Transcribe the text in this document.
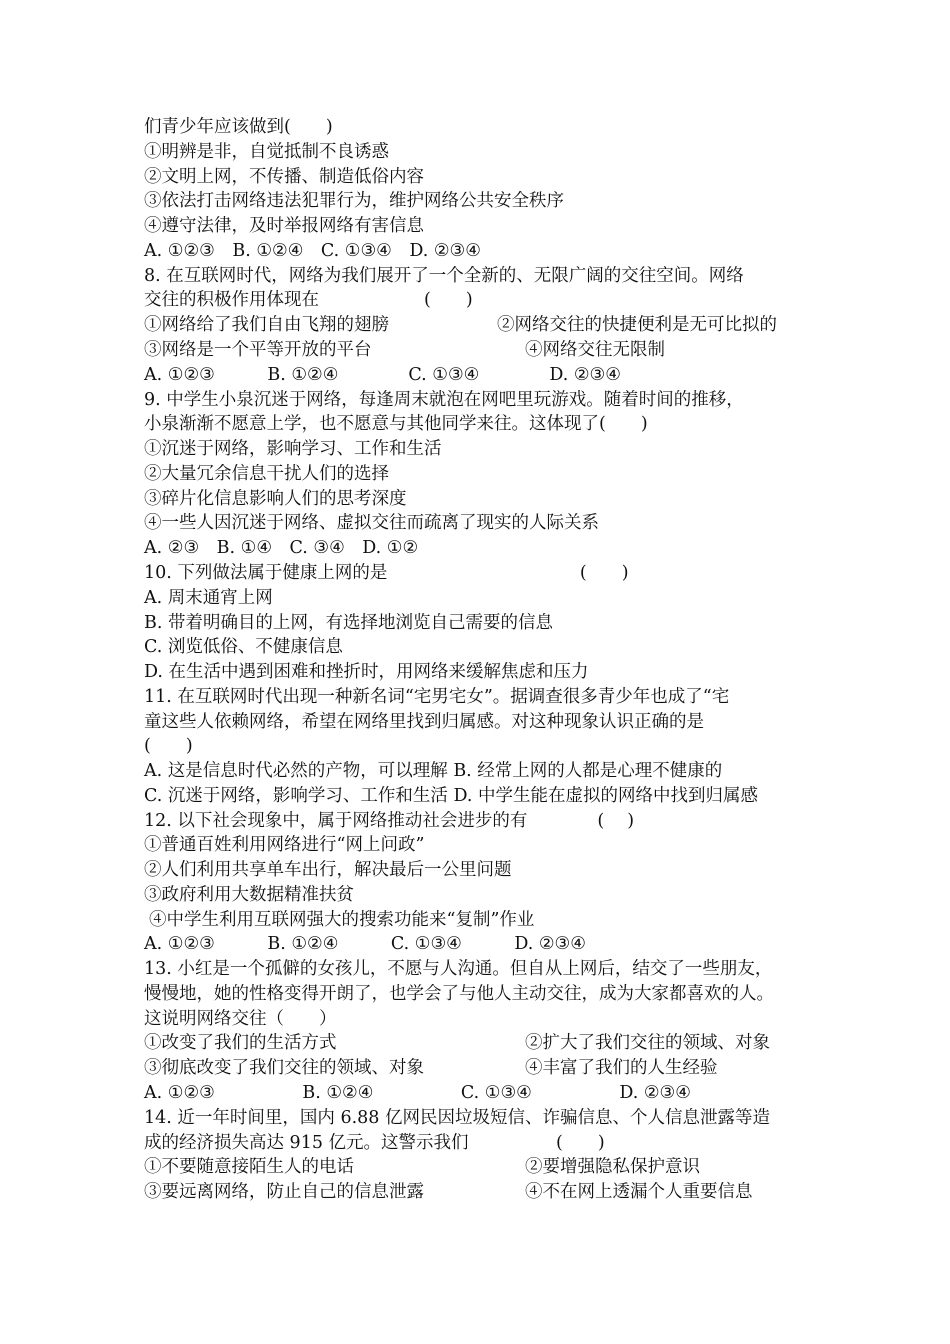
们青少年应该做到(　　)
①明辨是非，自觉抵制不良诱惑
②文明上网，不传播、制造低俗内容
③依法打击网络违法犯罪行为，维护网络公共安全秩序
④遵守法律，及时举报网络有害信息
A. ①②③　B. ①②④　C. ①③④　D. ②③④
8. 在互联网时代，网络为我们展开了一个全新的、无限广阔的交往空间。网络
交往的积极作用体现在　　　　　　(　　)
①网络给了我们自由飞翔的翅膀	②网络交往的快捷便利是无可比拟的
③网络是一个平等开放的平台	④网络交往无限制
A. ①②③　　　B. ①②④　　　　C. ①③④　　　　D. ②③④
9. 中学生小泉沉迷于网络，每逢周末就泡在网吧里玩游戏。随着时间的推移，
小泉渐渐不愿意上学，也不愿意与其他同学来往。这体现了(　　)
①沉迷于网络，影响学习、工作和生活
②大量冗余信息干扰人们的选择
③碎片化信息影响人们的思考深度
④一些人因沉迷于网络、虚拟交往而疏离了现实的人际关系
A. ②③　B. ①④　C. ③④　D. ①②
10. 下列做法属于健康上网的是　　　　　　　　　　　(　　)
A. 周末通宵上网
B. 带着明确目的上网，有选择地浏览自己需要的信息
C. 浏览低俗、不健康信息
D. 在生活中遇到困难和挫折时，用网络来缓解焦虑和压力
11. 在互联网时代出现一种新名词“宅男宅女”。据调查很多青少年也成了“宅
童这些人依赖网络，希望在网络里找到归属感。对这种现象认识正确的是
(　　)
A. 这是信息时代必然的产物，可以理解 B. 经常上网的人都是心理不健康的
C. 沉迷于网络，影响学习、工作和生活 D. 中学生能在虚拟的网络中找到归属感
12. 以下社会现象中，属于网络推动社会进步的有　　　　(　 )
①普通百姓利用网络进行“网上问政”
②人们利用共享单车出行，解决最后一公里问题
③政府利用大数据精准扶贫
④中学生利用互联网强大的搜索功能来“复制”作业
A. ①②③　　　B. ①②④　　　C. ①③④　　　D. ②③④
13. 小红是一个孤僻的女孩儿，不愿与人沟通。但自从上网后，结交了一些朋友，
慢慢地，她的性格变得开朗了，也学会了与他人主动交往，成为大家都喜欢的人。
这说明网络交往（　　）
①改变了我们的生活方式	②扩大了我们交往的领域、对象
③彻底改变了我们交往的领域、对象	④丰富了我们的人生经验
A. ①②③　　　　　B. ①②④　　　　　C. ①③④　　　　　D. ②③④
14. 近一年时间里，国内 6.88 亿网民因垃圾短信、诈骗信息、个人信息泄露等造
成的经济损失高达 915 亿元。这警示我们　　　　　(　　)
①不要随意接陌生人的电话	②要增强隐私保护意识
③要远离网络，防止自己的信息泄露	④不在网上透漏个人重要信息
